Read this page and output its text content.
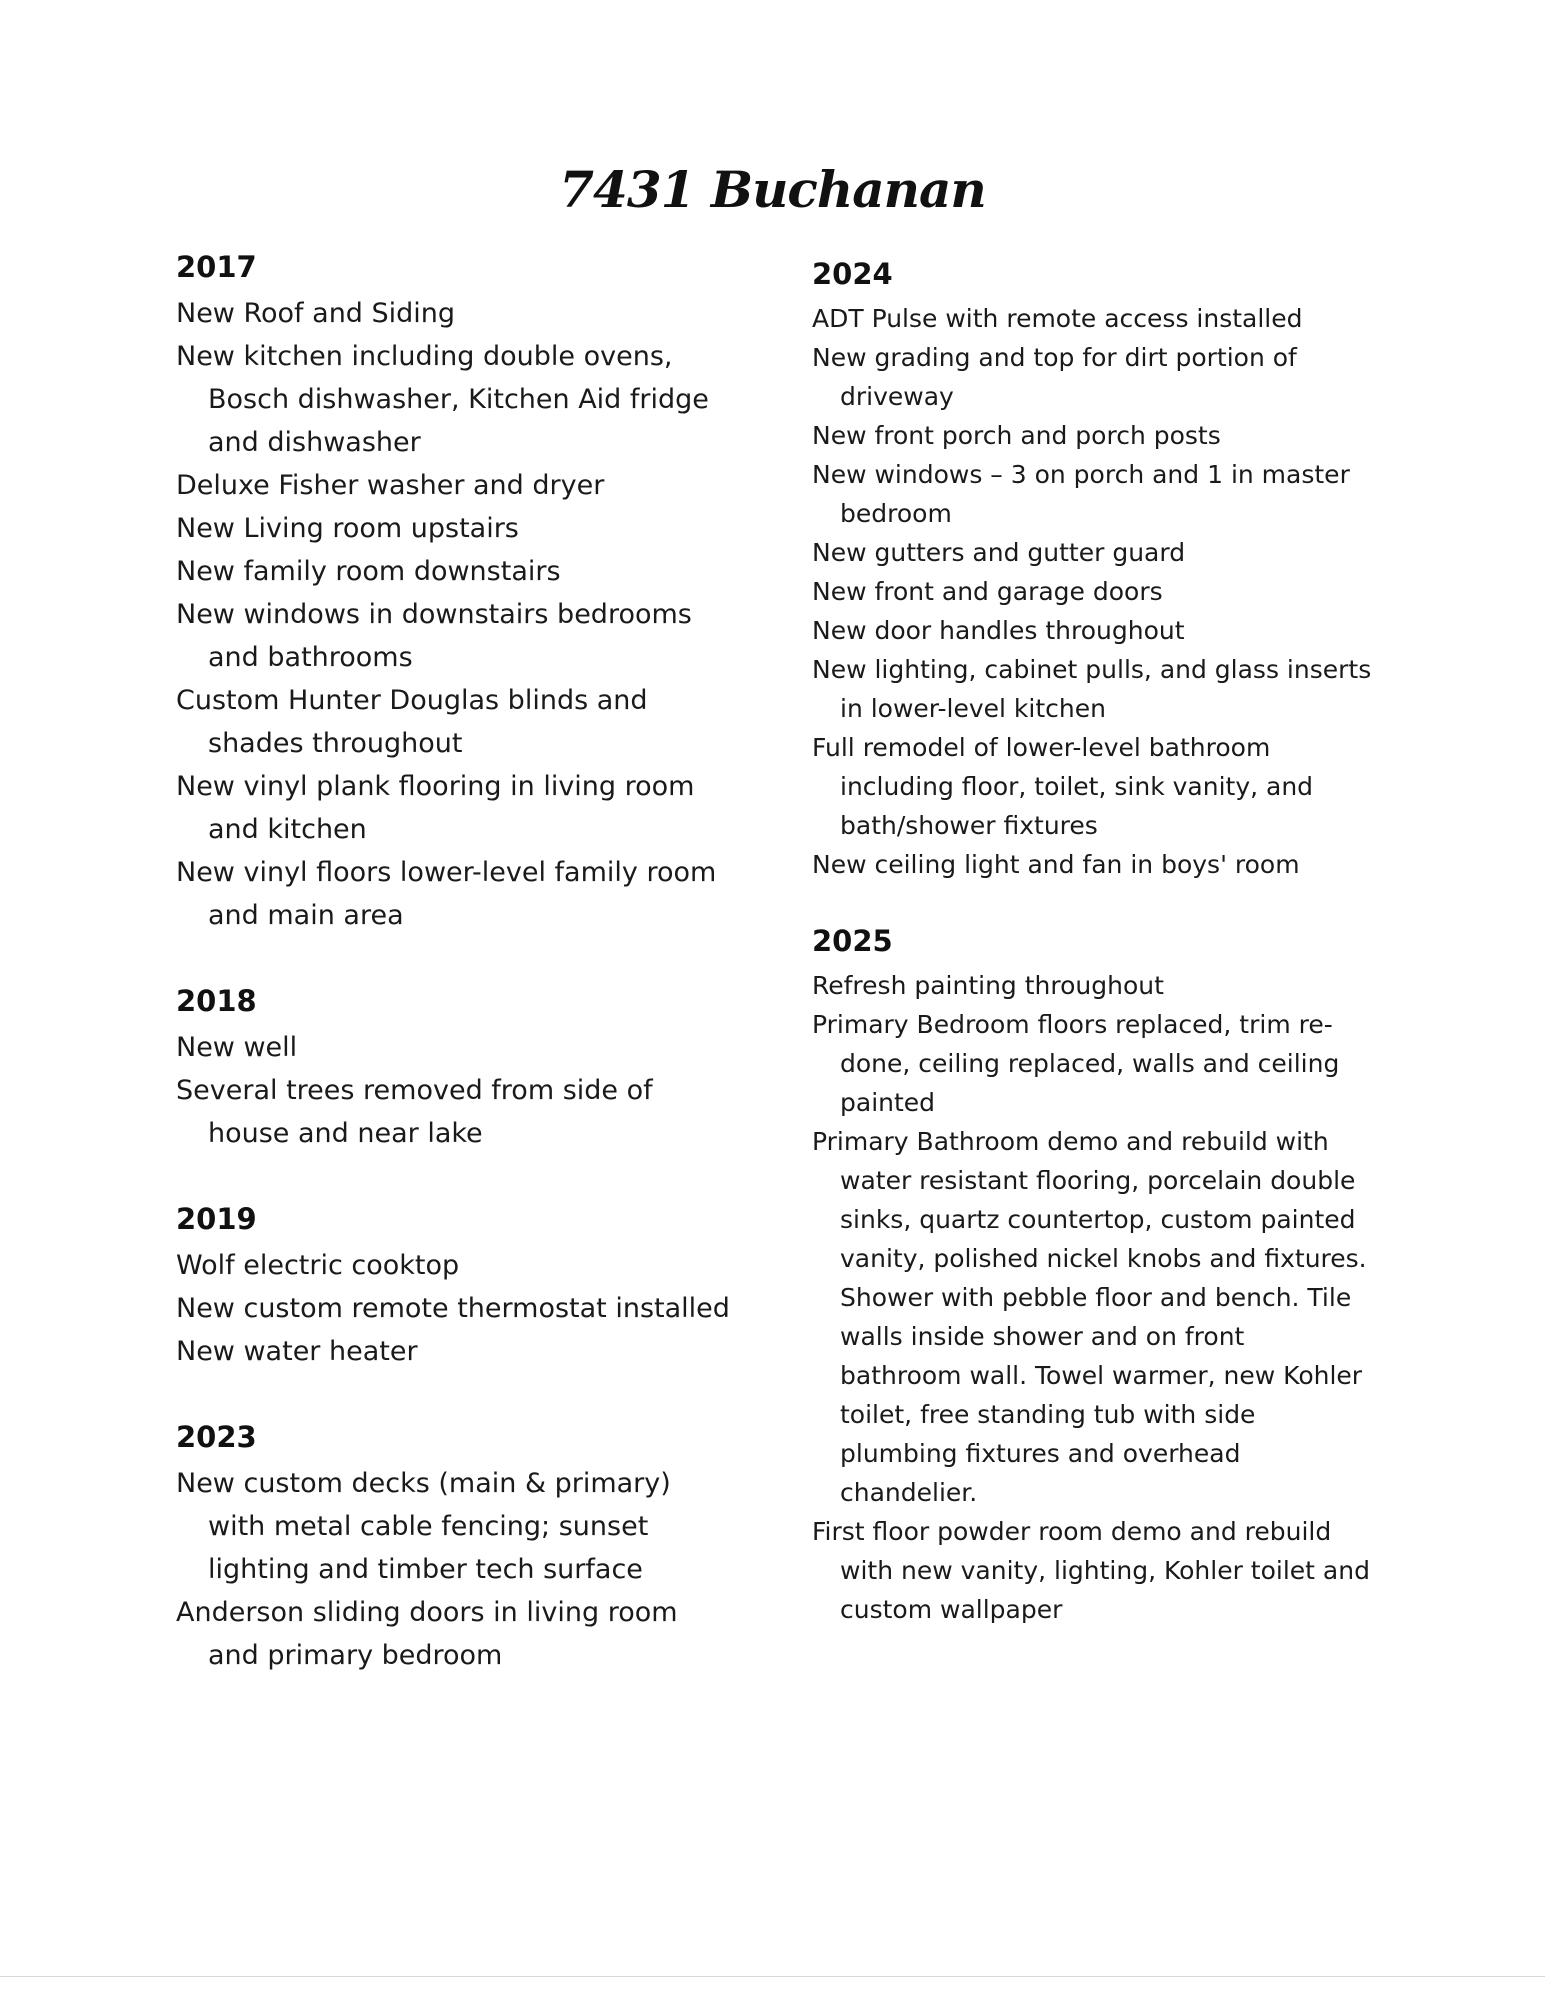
7431 Buchanan
2017
New Roof and Siding
New kitchen including double ovens, Bosch dishwasher, Kitchen Aid fridge and dishwasher
Deluxe Fisher washer and dryer
New Living room upstairs
New family room downstairs
New windows in downstairs bedrooms and bathrooms
Custom Hunter Douglas blinds and shades throughout
New vinyl plank flooring in living room and kitchen
New vinyl floors lower-level family room and main area
2018
New well
Several trees removed from side of house and near lake
2019
Wolf electric cooktop
New custom remote thermostat installed
New water heater
2023
New custom decks (main & primary) with metal cable fencing; sunset lighting and timber tech surface
Anderson sliding doors in living room and primary bedroom
2024
ADT Pulse with remote access installed
New grading and top for dirt portion of driveway
New front porch and porch posts
New windows – 3 on porch and 1 in master bedroom
New gutters and gutter guard
New front and garage doors
New door handles throughout
New lighting, cabinet pulls, and glass inserts in lower-level kitchen
Full remodel of lower-level bathroom including floor, toilet, sink vanity, and bath/shower fixtures
New ceiling light and fan in boys' room
2025
Refresh painting throughout
Primary Bedroom floors replaced, trim re-done, ceiling replaced, walls and ceiling painted
Primary Bathroom demo and rebuild with water resistant flooring, porcelain double sinks, quartz countertop, custom painted vanity, polished nickel knobs and fixtures. Shower with pebble floor and bench. Tile walls inside shower and on front bathroom wall. Towel warmer, new Kohler toilet, free standing tub with side plumbing fixtures and overhead chandelier.
First floor powder room demo and rebuild with new vanity, lighting, Kohler toilet and custom wallpaper
